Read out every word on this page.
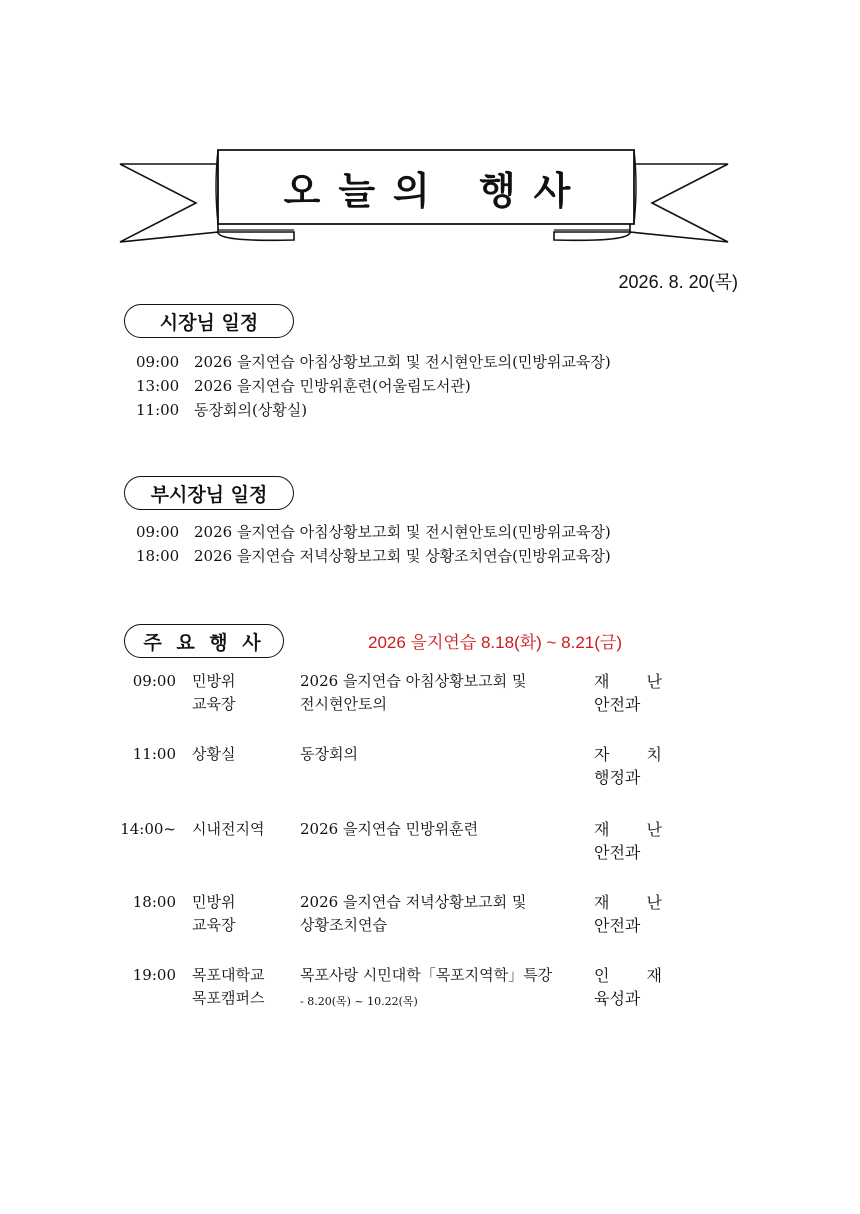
오늘의 행사
2026. 8. 20(목)
시장님 일정
09:00 2026 을지연습 아침상황보고회 및 전시현안토의(민방위교육장)
13:00 2026 을지연습 민방위훈련(어울림도서관)
11:00 동장회의(상황실)
부시장님 일정
09:00 2026 을지연습 아침상황보고회 및 전시현안토의(민방위교육장)
18:00 2026 을지연습 저녁상황보고회 및 상황조치연습(민방위교육장)
주 요 행 사	2026 을지연습 8.18(화) ~ 8.21(금)
09:00 민방위	2026 을지연습 아침상황보고회 및	재 난
교육장	전시현안토의	안전과
11:00 상황실	동장회의	자 치
행정과
14:00~ 시내전지역	2026 을지연습 민방위훈련	재 난
안전과
18:00 민방위	2026 을지연습 저녁상황보고회 및	재 난
교육장	상황조치연습	안전과
19:00 목포대학교	목포사랑 시민대학「목포지역학」특강	인 재
목포캠퍼스	- 8.20(목) ~ 10.22(목)	육성과
